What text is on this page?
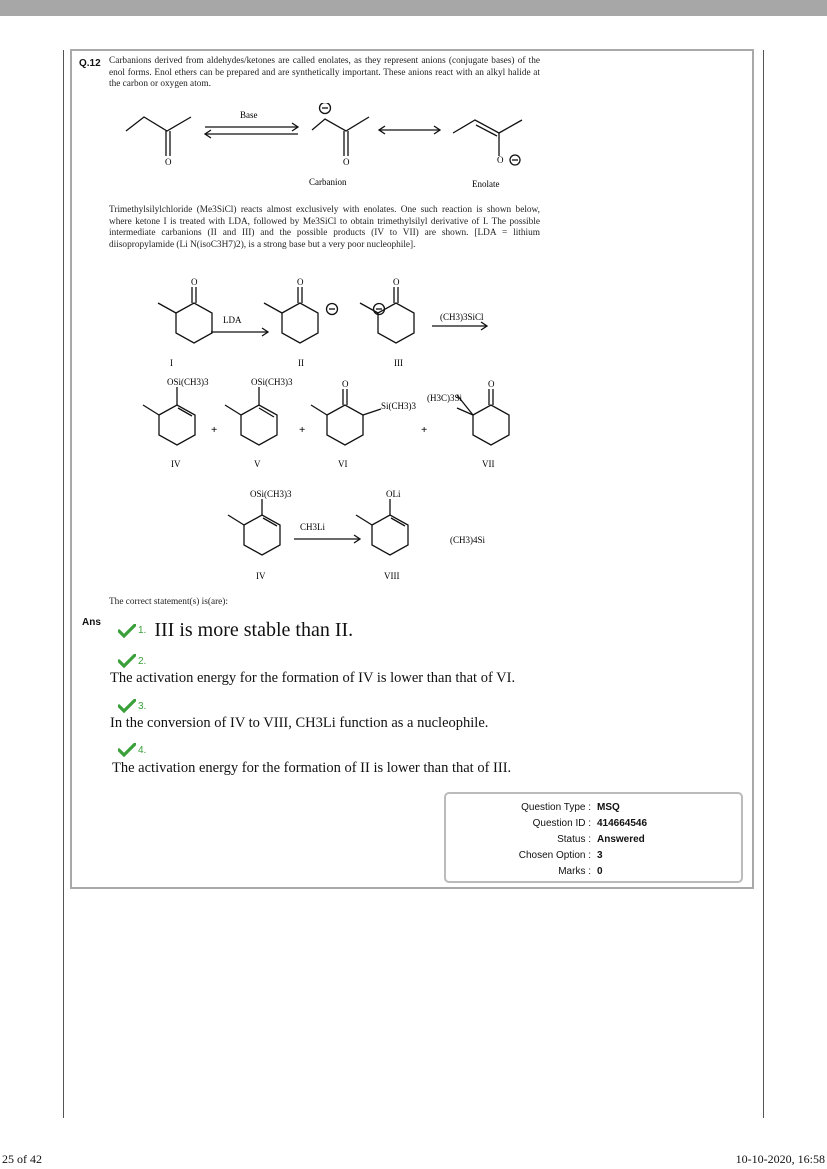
Q.12 Carbanions derived from aldehydes/ketones are called enolates, as they represent anions (conjugate bases) of the enol forms. Enol ethers can be prepared and are synthetically important. These anions react with an alkyl halide at the carbon or oxygen atom.
Base
O	O	O
Carbanion	Enolate
Trimethylsilylchloride (Me3SiCl) reacts almost exclusively with enolates. One such reaction is shown below, where ketone I is treated with LDA, followed by Me3SiCl to obtain trimethylsilyl derivative of I. The possible intermediate carbanions (II and III) and the possible products (IV to VII) are shown. [LDA = lithium diisopropylamide (Li N(isoC3H7)2), is a strong base but a very poor nucleophile].
O	O	O
LDA	(CH3)3SiCl
I	II	III
OSi(CH3)3	OSi(CH3)3	O
Si(CH3)3
(H3C)3Si
O
+	+	+
IV	V	VI	VII
OSi(CH3)3
CH3Li
OLi
(CH3)4Si
IV	VIII
The correct statement(s) is(are):
Ans
1. III is more stable than II.
2.
The activation energy for the formation of IV is lower than that of VI.
3.
In the conversion of IV to VIII, CH3Li function as a nucleophile.
4.
The activation energy for the formation of II is lower than that of III.
Question Type : MSQ
Question ID : 414664546
Status : Answered
Chosen Option : 3
Marks : 0
25 of 42	10-10-2020, 16:58
